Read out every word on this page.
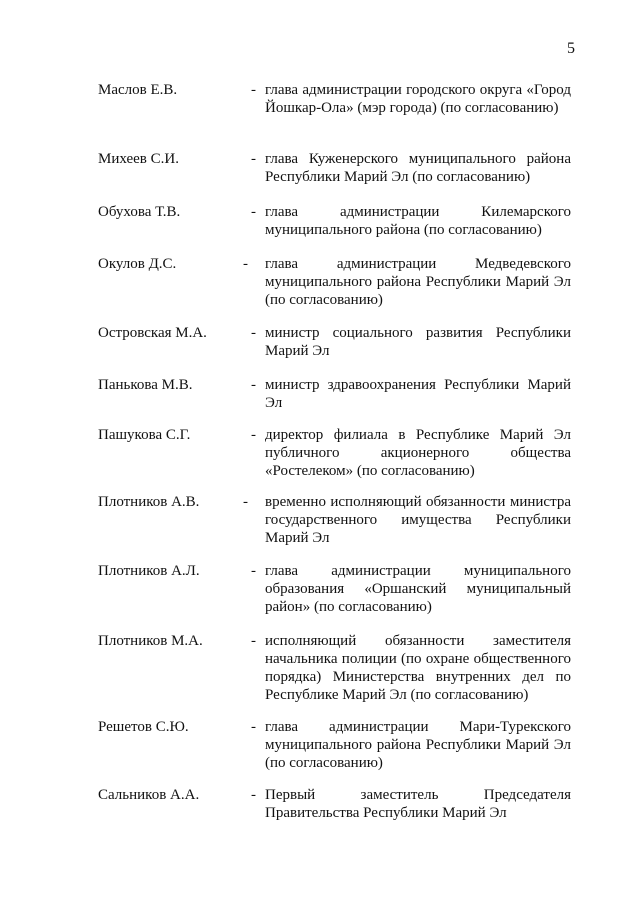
5
Маслов Е.В.	- глава администрации городского округа «Город Йошкар-Ола» (мэр города) (по согласованию)
Михеев С.И.	- глава Куженерского муниципального района Республики Марий Эл (по согласованию)
Обухова Т.В.	- глава администрации Килемарского муниципального района (по согласованию)
Окулов Д.С.	- глава администрации Медведевского муниципального района Республики Марий Эл (по согласованию)
Островская М.А.	- министр социального развития Республики Марий Эл
Панькова М.В.	- министр здравоохранения Республики Марий Эл
Пашукова С.Г.	- директор филиала в Республике Марий Эл публичного акционерного общества «Ростелеком» (по согласованию)
Плотников А.В.	- временно исполняющий обязанности министра государственного имущества Республики Марий Эл
Плотников А.Л.	- глава администрации муниципального образования «Оршанский муниципальный район» (по согласованию)
Плотников М.А.	- исполняющий обязанности заместителя начальника полиции (по охране общественного порядка) Министерства внутренних дел по Республике Марий Эл (по согласованию)
Решетов С.Ю.	- глава администрации Мари-Турекского муниципального района Республики Марий Эл (по согласованию)
Сальников А.А.	- Первый заместитель Председателя Правительства Республики Марий Эл
